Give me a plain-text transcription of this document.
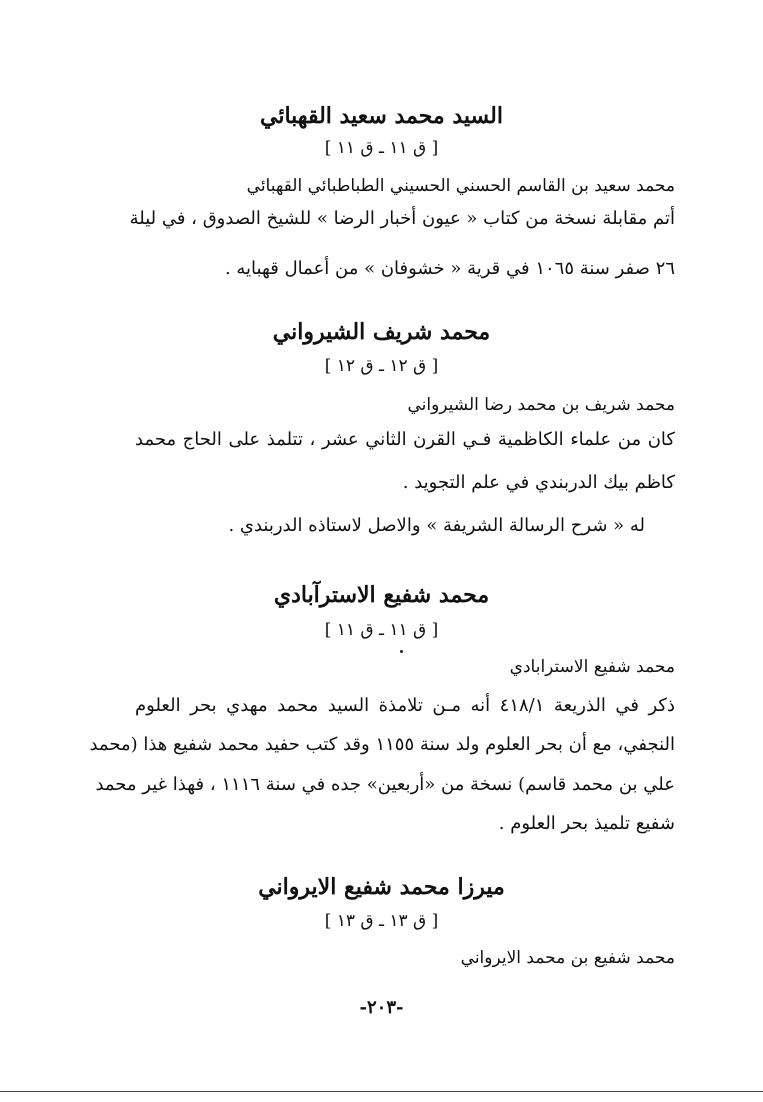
السيد محمد سعيد القهبائي
[ ق ١١ ـ ق ١١ ]
محمد سعيد بن القاسم الحسني الحسيني الطباطبائي القهبائي
أتم مقابلة نسخة من كتاب « عيون أخبار الرضا » للشيخ الصدوق ، في ليلة
٢٦ صفر سنة ١٠٦٥ في قرية « خشوفان » من أعمال قهبايه .
محمد شريف الشيرواني
[ ق ١٢ ـ ق ١٢ ]
محمد شريف بن محمد رضا الشيرواني
كان من علماء الكاظمية فـي القرن الثاني عشر ، تتلمذ على الحاج محمد
كاظم بيك الدربندي في علم التجويد .
له « شرح الرسالة الشريفة » والاصل لاستاذه الدربندي .
محمد شفيع الاسترآبادي
[ ق ١١ ـ ق ١١ ]
محمد شفيع الاسترابادي
ذكر في الذريعة ٤١٨/١ أنه مـن تلامذة السيد محمد مهدي بحر العلوم
النجفي، مع أن بحر العلوم ولد سنة ١١٥٥ وقد كتب حفيد محمد شفيع هذا (محمد
علي بن محمد قاسم) نسخة من «أربعين» جده في سنة ١١١٦ ، فهذا غير محمد
شفيع تلميذ بحر العلوم .
ميرزا محمد شفيع الايرواني
[ ق ١٣ ـ ق ١٣ ]
محمد شفيع بن محمد الايرواني
-٢٠٣-
